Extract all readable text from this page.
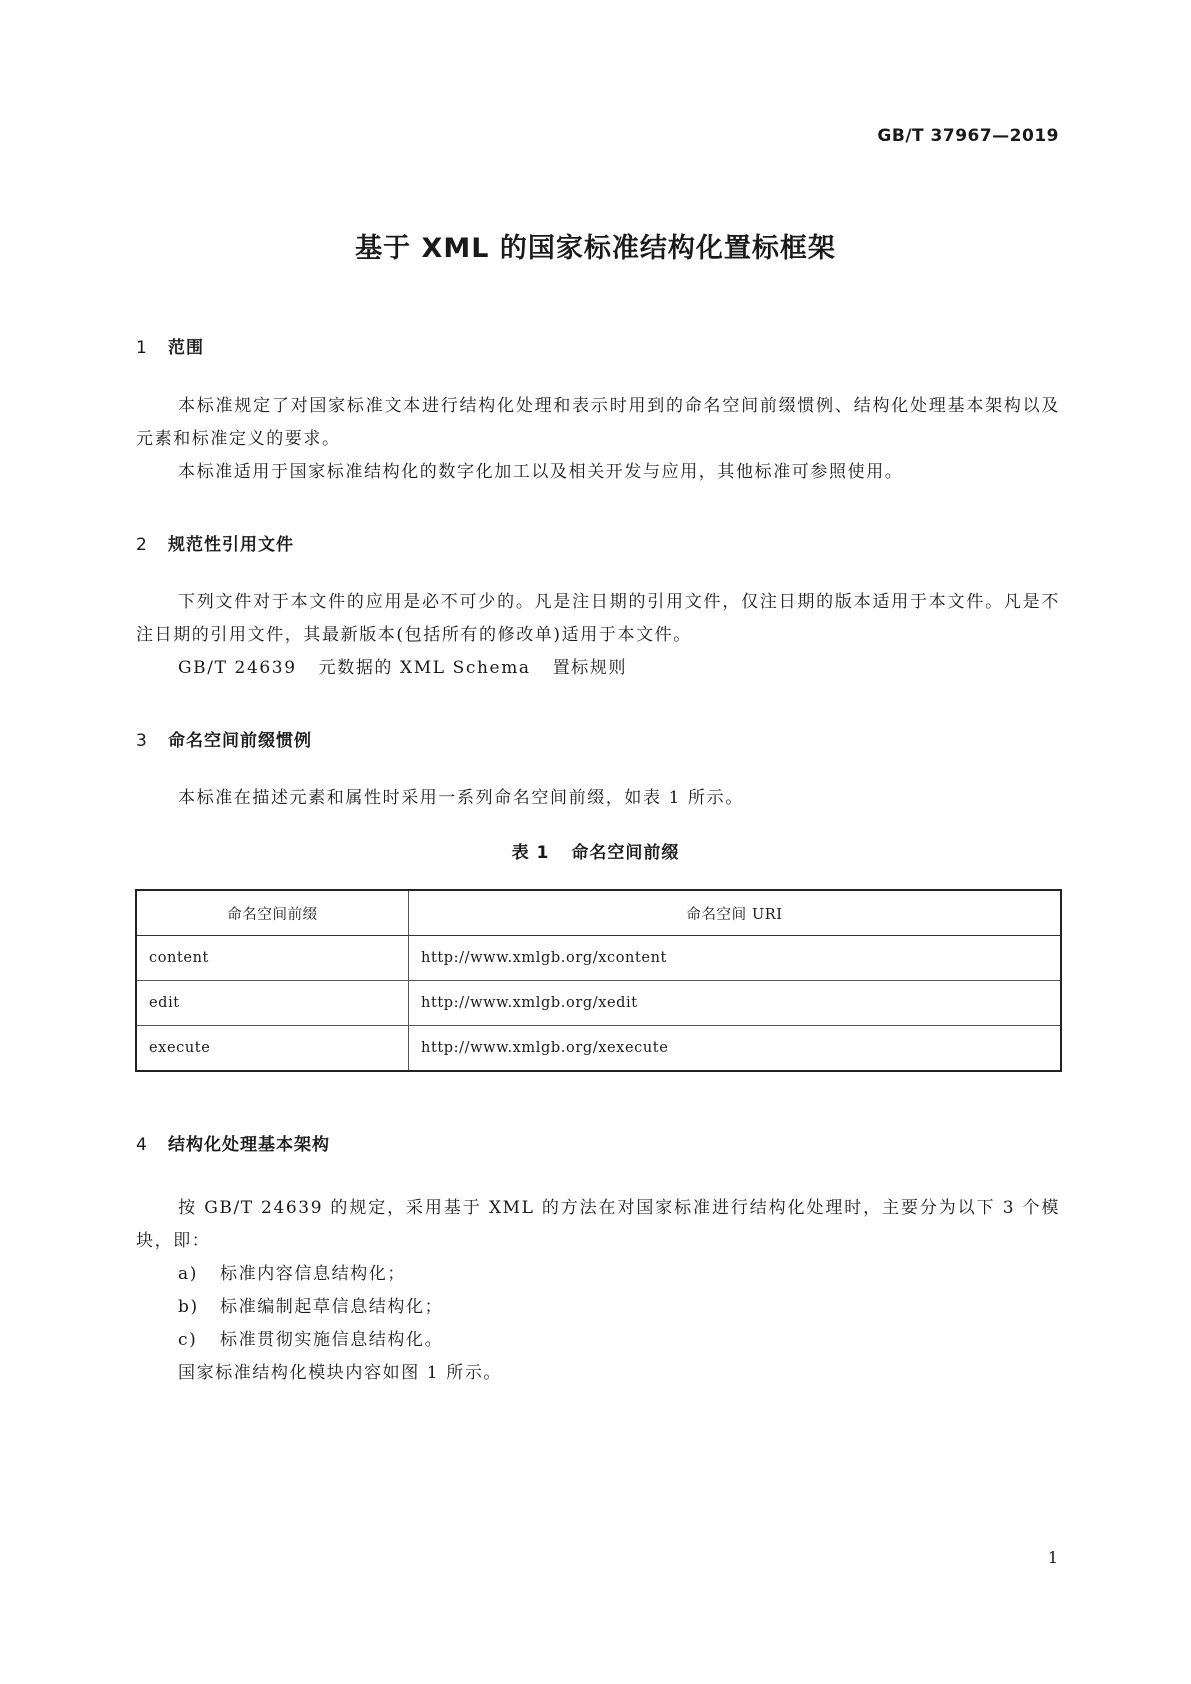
GB/T 37967—2019
基于 XML 的国家标准结构化置标框架
1 范围
本标准规定了对国家标准文本进行结构化处理和表示时用到的命名空间前缀惯例、结构化处理基本架构以及元素和标准定义的要求。
本标准适用于国家标准结构化的数字化加工以及相关开发与应用，其他标准可参照使用。
2 规范性引用文件
下列文件对于本文件的应用是必不可少的。凡是注日期的引用文件，仅注日期的版本适用于本文件。凡是不注日期的引用文件，其最新版本(包括所有的修改单)适用于本文件。
GB/T 24639 元数据的 XML Schema 置标规则
3 命名空间前缀惯例
本标准在描述元素和属性时采用一系列命名空间前缀，如表 1 所示。
表 1 命名空间前缀
命名空间前缀	命名空间 URI
content	http://www.xmlgb.org/xcontent
edit	http://www.xmlgb.org/xedit
execute	http://www.xmlgb.org/xexecute
4 结构化处理基本架构
按 GB/T 24639 的规定，采用基于 XML 的方法在对国家标准进行结构化处理时，主要分为以下 3 个模块，即：
a) 标准内容信息结构化；
b) 标准编制起草信息结构化；
c) 标准贯彻实施信息结构化。
国家标准结构化模块内容如图 1 所示。
1
